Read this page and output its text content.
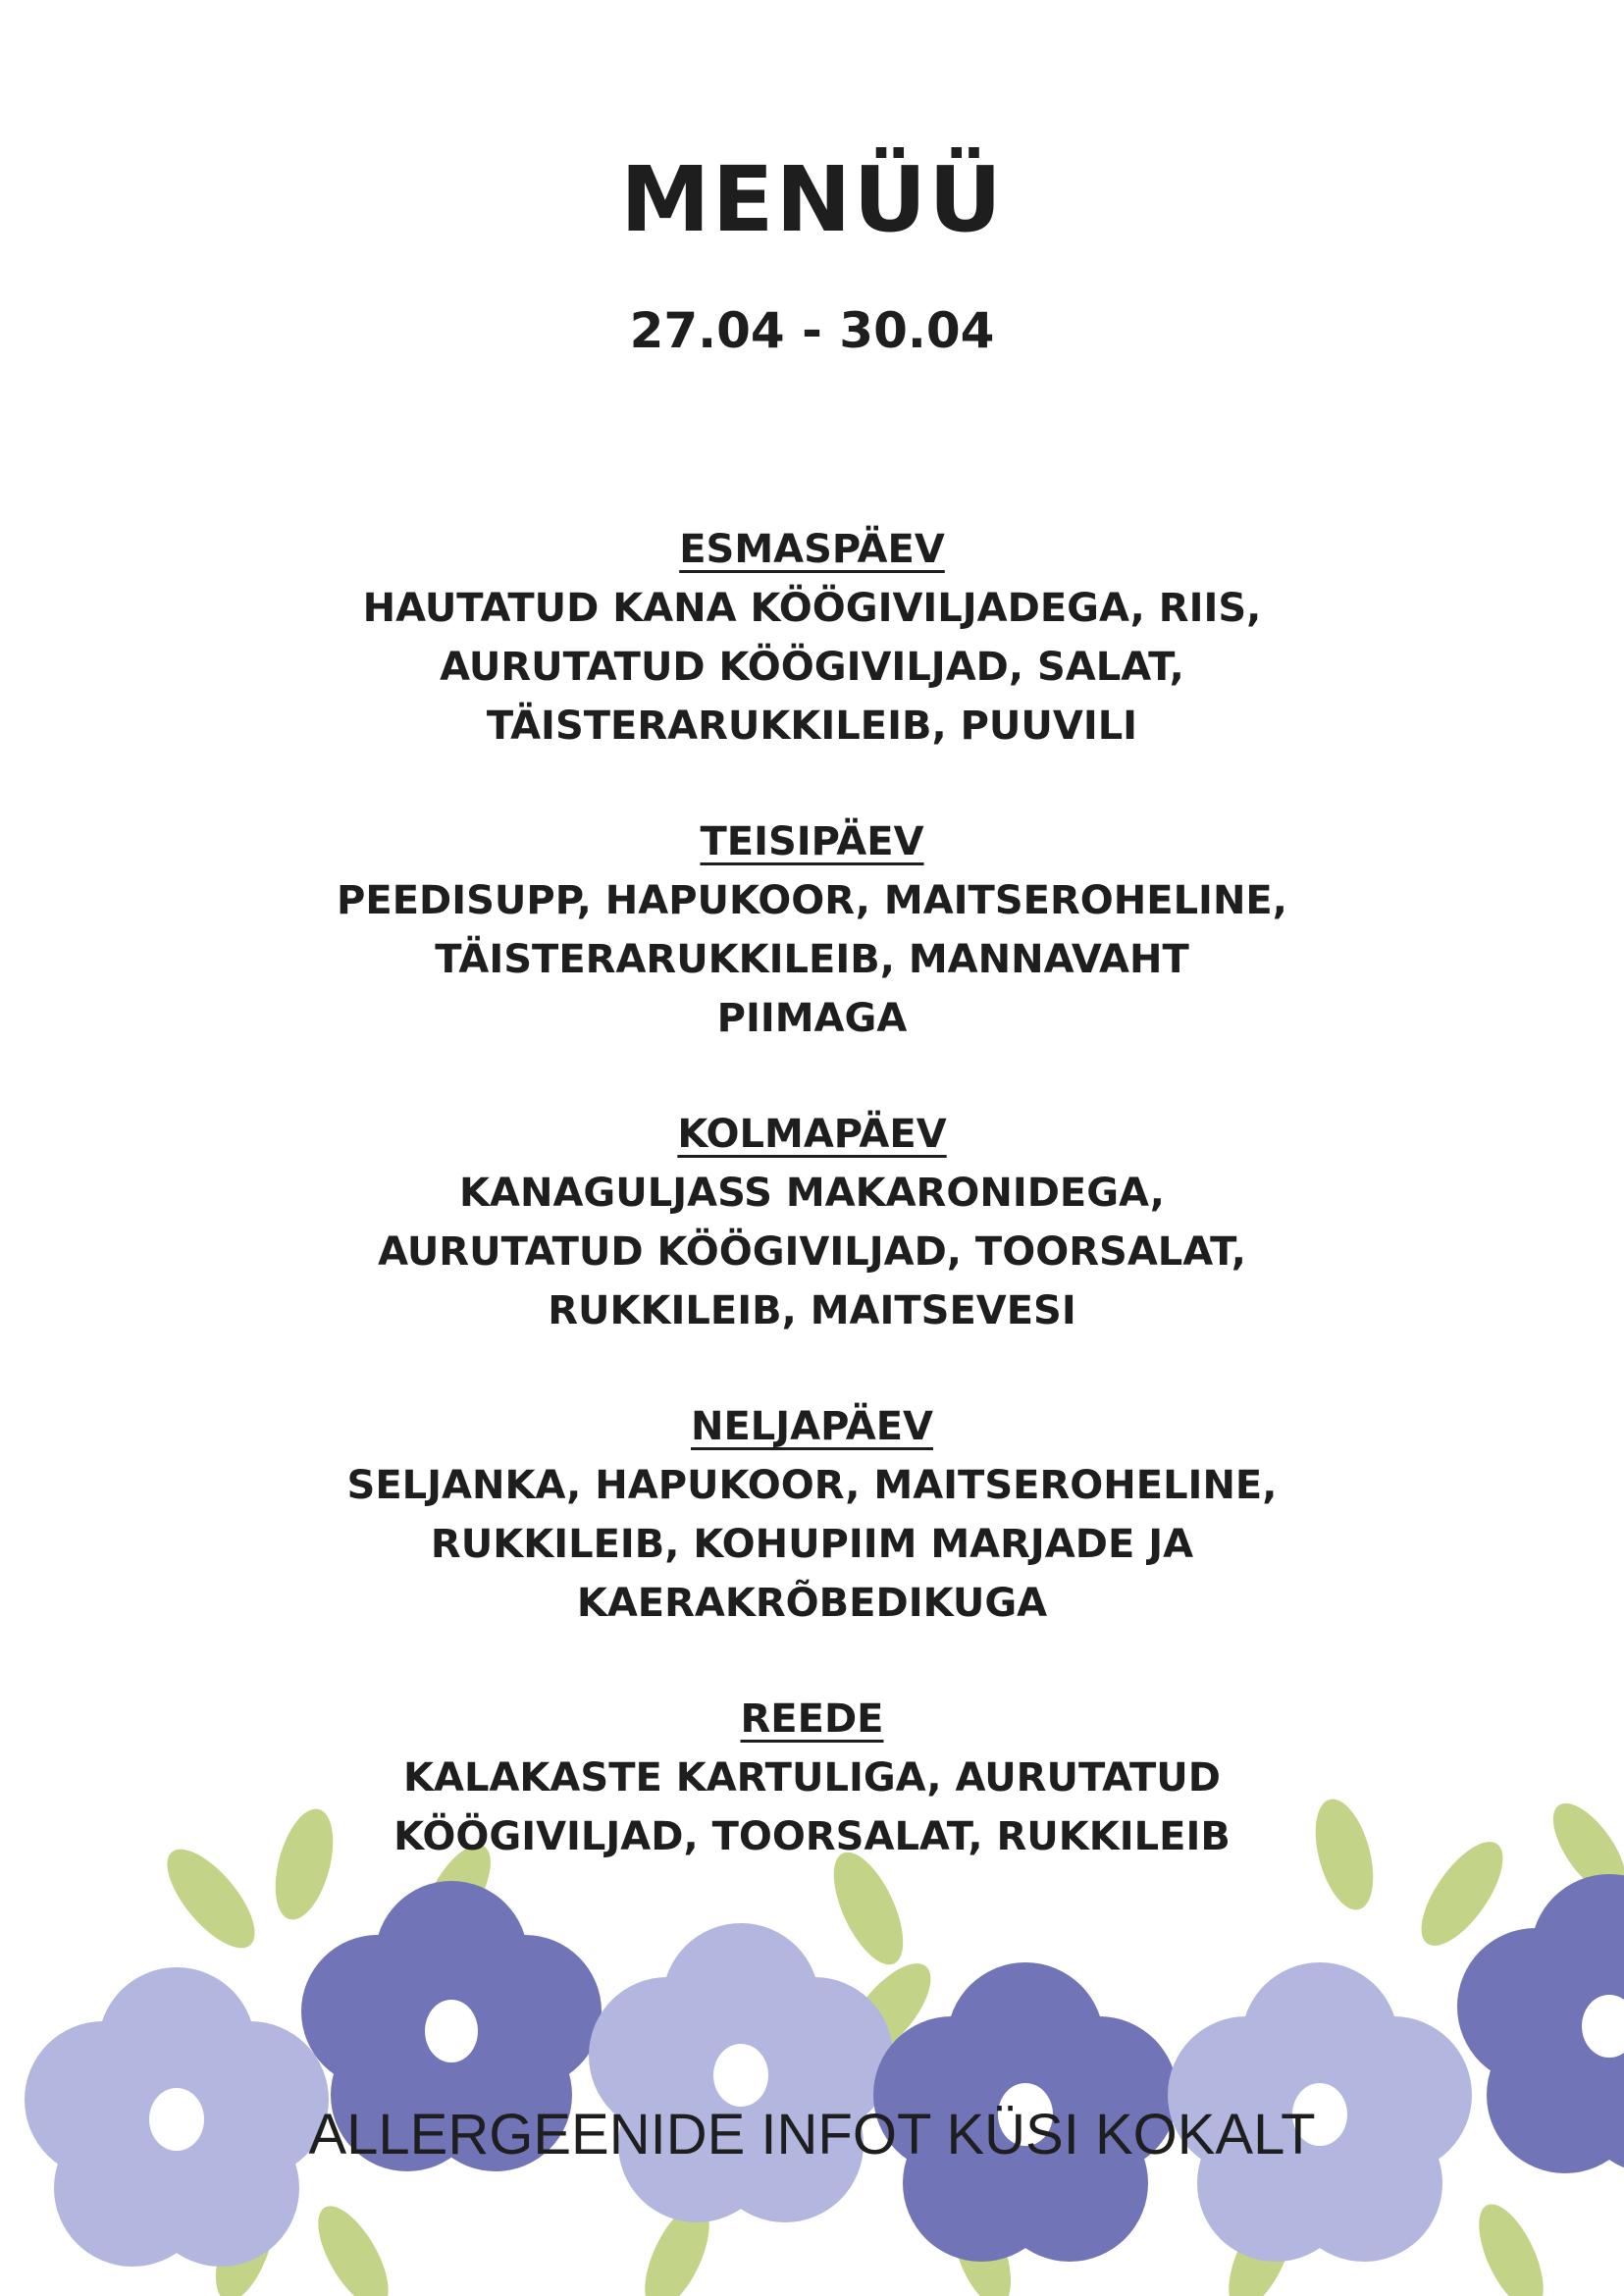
MENÜÜ
27.04 - 30.04
ESMASPÄEV

HAUTATUD KANA KÖÖGIVILJADEGA, RIIS,

AURUTATUD KÖÖGIVILJAD, SALAT,

TÄISTERARUKKILEIB, PUUVILI

TEISIPÄEV

PEEDISUPP, HAPUKOOR, MAITSEROHELINE,

TÄISTERARUKKILEIB, MANNAVAHT

PIIMAGA

KOLMAPÄEV

KANAGULJASS MAKARONIDEGA,

AURUTATUD KÖÖGIVILJAD, TOORSALAT,

RUKKILEIB, MAITSEVESI

NELJAPÄEV

SELJANKA, HAPUKOOR, MAITSEROHELINE,

RUKKILEIB, KOHUPIIM MARJADE JA

KAERAKRÕBEDIKUGA

REEDE

KALAKASTE KARTULIGA, AURUTATUD

KÖÖGIVILJAD, TOORSALAT, RUKKILEIB

ALLERGEENIDE INFOT KÜSI KOKALT
